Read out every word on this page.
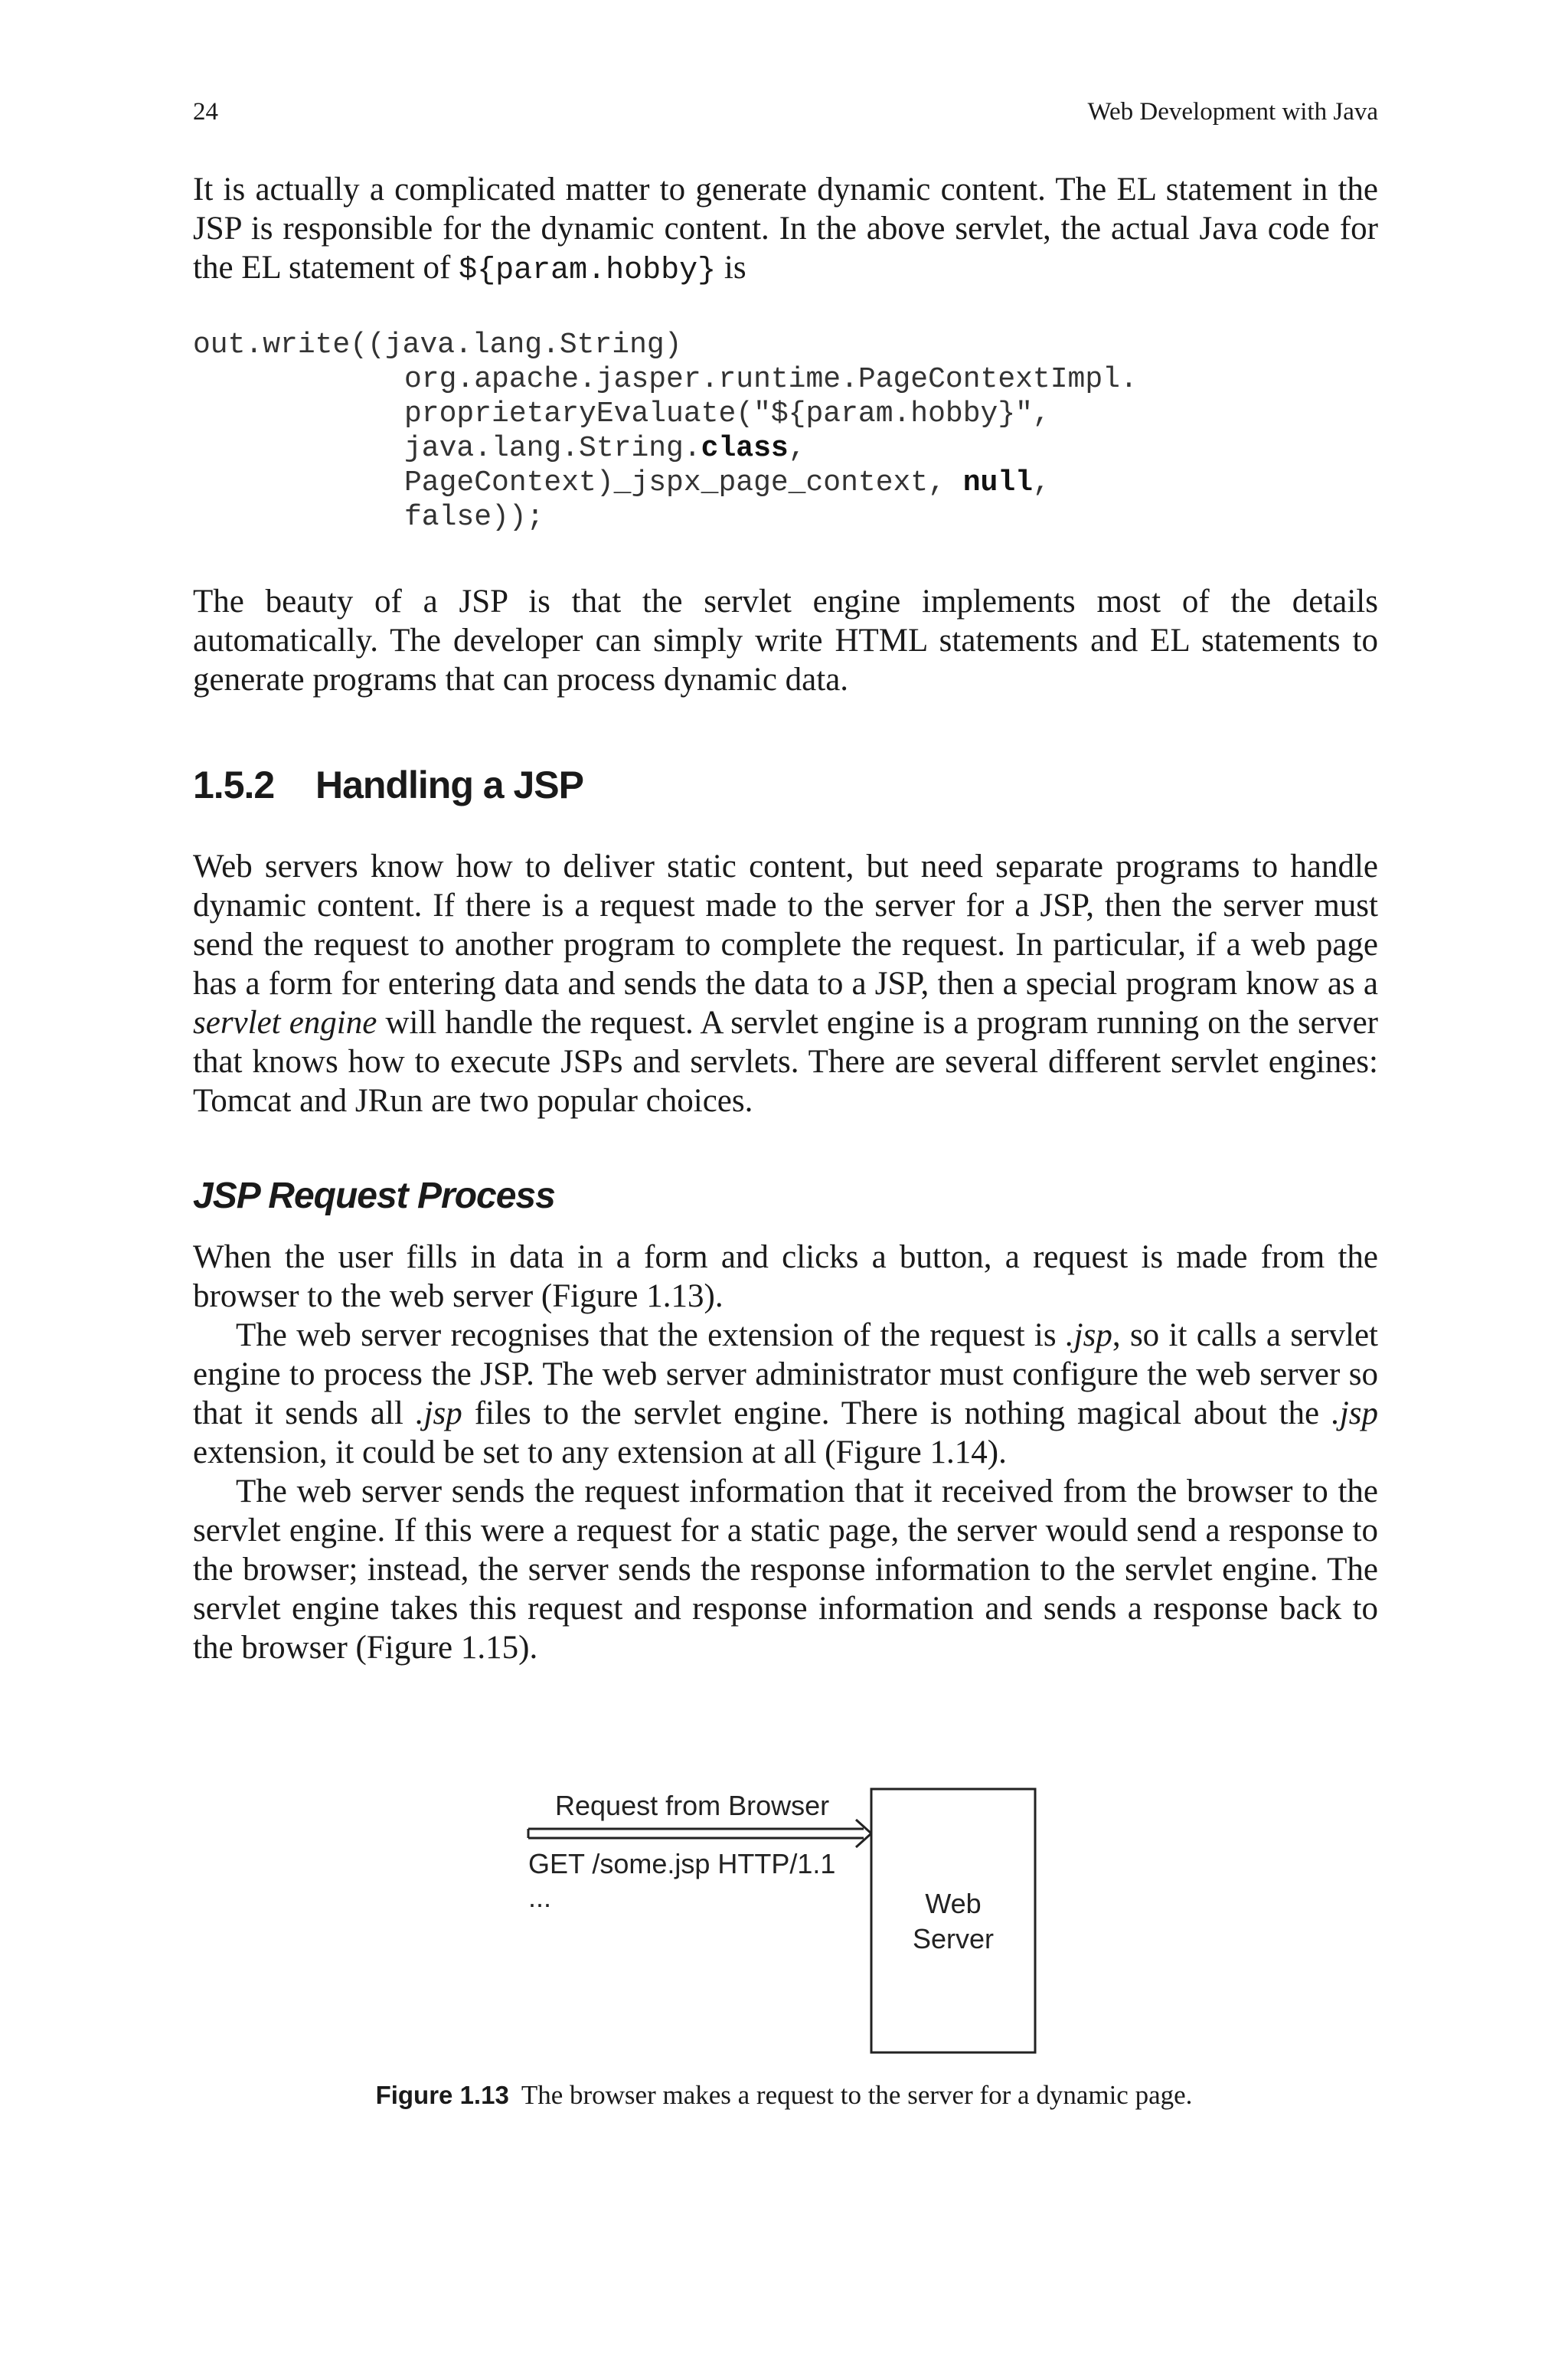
24	Web Development with Java

It is actually a complicated matter to generate dynamic content. The EL statement in the JSP is responsible for the dynamic content. In the above servlet, the actual Java code for the EL statement of ${param.hobby} is

out.write((java.lang.String)
org.apache.jasper.runtime.PageContextImpl.
proprietaryEvaluate("${param.hobby}",
java.lang.String.class,
PageContext)_jspx_page_context, null,
false));

The beauty of a JSP is that the servlet engine implements most of the details automatically. The developer can simply write HTML statements and EL statements to generate programs that can process dynamic data.

1.5.2 Handling a JSP

Web servers know how to deliver static content, but need separate programs to handle dynamic content. If there is a request made to the server for a JSP, then the server must send the request to another program to complete the request. In particular, if a web page has a form for entering data and sends the data to a JSP, then a special program know as a servlet engine will handle the request. A servlet engine is a program running on the server that knows how to execute JSPs and servlets. There are several different servlet engines: Tomcat and JRun are two popular choices.

JSP Request Process

When the user fills in data in a form and clicks a button, a request is made from the browser to the web server (Figure 1.13).

The web server recognises that the extension of the request is .jsp, so it calls a servlet engine to process the JSP. The web server administrator must configure the web server so that it sends all .jsp files to the servlet engine. There is nothing magical about the .jsp extension, it could be set to any extension at all (Figure 1.14).

The web server sends the request information that it received from the browser to the servlet engine. If this were a request for a static page, the server would send a response to the browser; instead, the server sends the response information to the servlet engine. The servlet engine takes this request and response information and sends a response back to the browser (Figure 1.15).

Request from Browser
GET /some.jsp HTTP/1.1
...	Web
Server
Figure 1.13 The browser makes a request to the server for a dynamic page.
